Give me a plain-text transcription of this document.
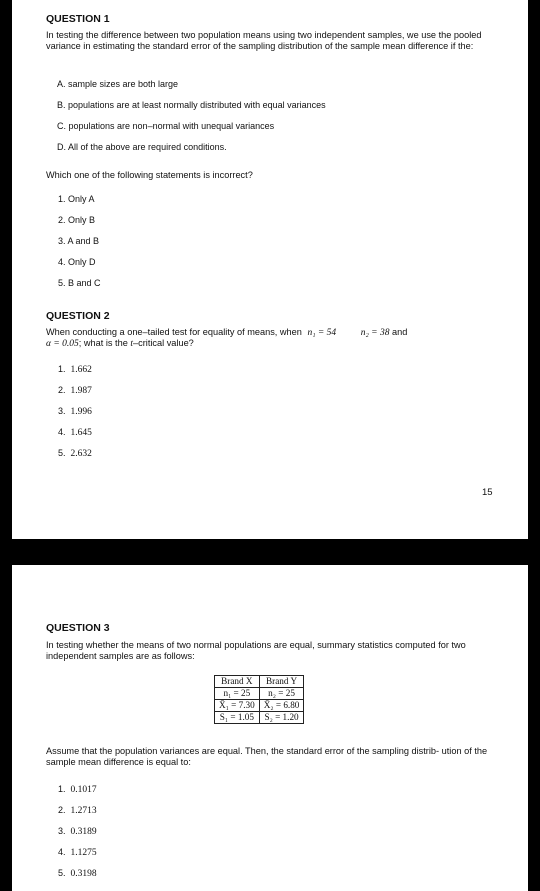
QUESTION 1
In testing the difference between two population means using two independent samples, we use the pooled variance in estimating the standard error of the sampling distribution of the sample mean difference if the:
A. sample sizes are both large
B. populations are at least normally distributed with equal variances
C. populations are non–normal with unequal variances
D. All of the above are required conditions.
Which one of the following statements is incorrect?
1. Only A
2. Only B
3. A and B
4. Only D
5. B and C
QUESTION 2
When conducting a one–tailed test for equality of means, when n₁ = 54	n₂ = 38 and
α = 0.05; what is the t–critical value?
1. 1.662
2. 1.987
3. 1.996
4. 1.645
5. 2.632
15
QUESTION 3
In testing whether the means of two normal populations are equal, summary statistics computed for two independent samples are as follows:
Brand X	Brand Y
n₁ = 25	n₂ = 25
X̄₁ = 7.30	X̄₂ = 6.80
S₁ = 1.05	S₂ = 1.20
Assume that the population variances are equal. Then, the standard error of the sampling distrib- ution of the sample mean difference is equal to:
1. 0.1017
2. 1.2713
3. 0.3189
4. 1.1275
5. 0.3198
